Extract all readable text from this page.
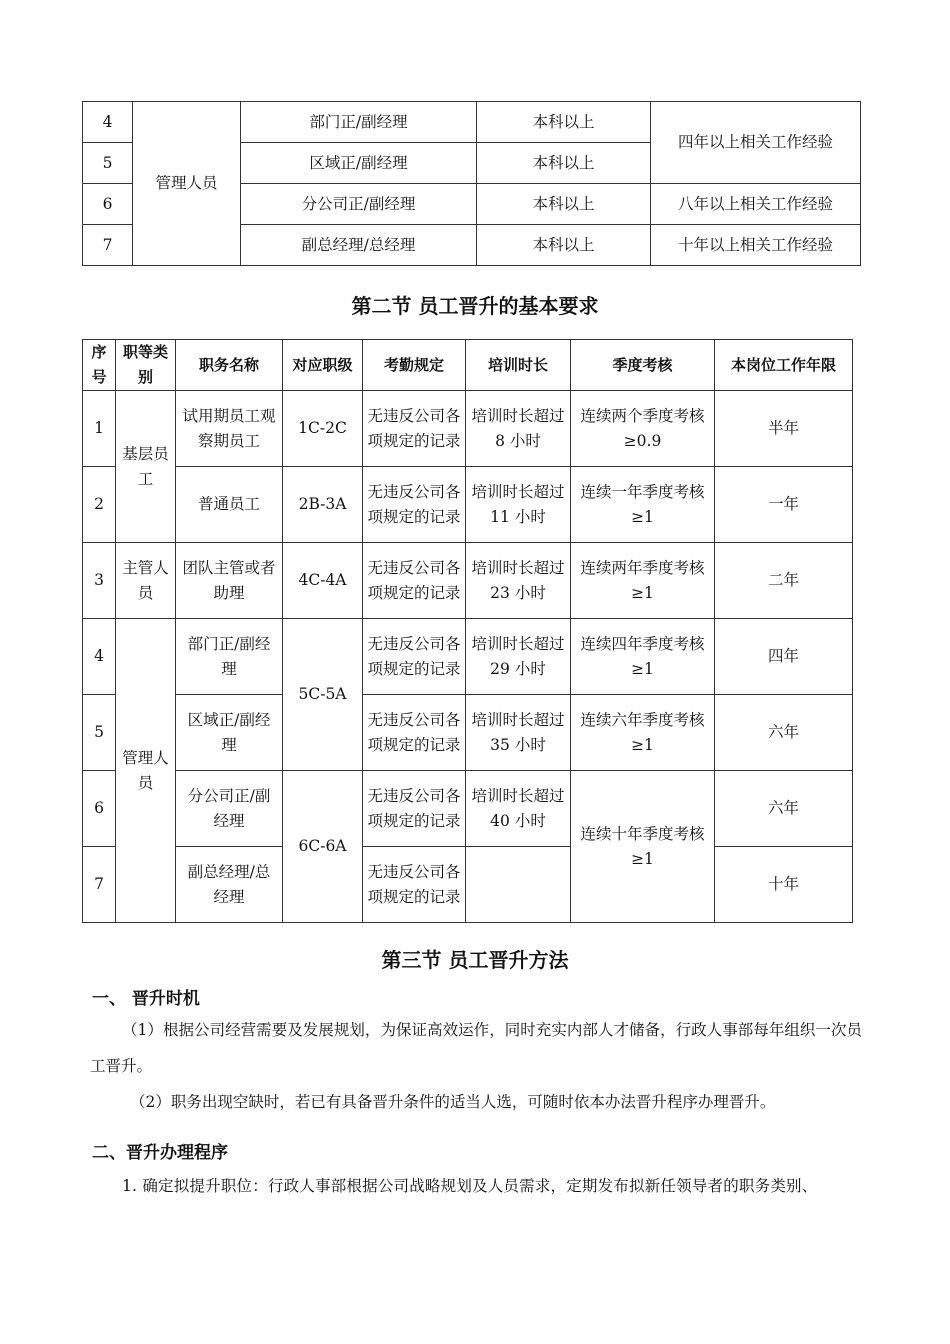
4	管理人员	部门正/副经理	本科以上	四年以上相关工作经验
5		区域正/副经理	本科以上	
6		分公司正/副经理	本科以上	八年以上相关工作经验
7		副总经理/总经理	本科以上	十年以上相关工作经验
第二节 员工晋升的基本要求
序号	职等类别	职务名称	对应职级	考勤规定	培训时长	季度考核	本岗位工作年限
1	基层员工	试用期员工观察期员工	1C-2C	无违反公司各项规定的记录	培训时长超过 8 小时	连续两个季度考核≥0.9	半年
2		普通员工	2B-3A	无违反公司各项规定的记录	培训时长超过 11 小时	连续一年季度考核≥1	一年
3	主管人员	团队主管或者助理	4C-4A	无违反公司各项规定的记录	培训时长超过 23 小时	连续两年季度考核≥1	二年
4	管理人员	部门正/副经理	5C-5A	无违反公司各项规定的记录	培训时长超过 29 小时	连续四年季度考核≥1	四年
5		区域正/副经理		无违反公司各项规定的记录	培训时长超过 35 小时	连续六年季度考核≥1	六年
6		分公司正/副经理	6C-6A	无违反公司各项规定的记录	培训时长超过 40 小时	连续十年季度考核≥1	六年
7		副总经理/总经理		无违反公司各项规定的记录			十年
第三节 员工晋升方法
一、 晋升时机
（1）根据公司经营需要及发展规划，为保证高效运作，同时充实内部人才储备，行政人事部每年组织一次员工晋升。
（2）职务出现空缺时，若已有具备晋升条件的适当人选，可随时依本办法晋升程序办理晋升。
二、晋升办理程序
1. 确定拟提升职位：行政人事部根据公司战略规划及人员需求，定期发布拟新任领导者的职务类别、
